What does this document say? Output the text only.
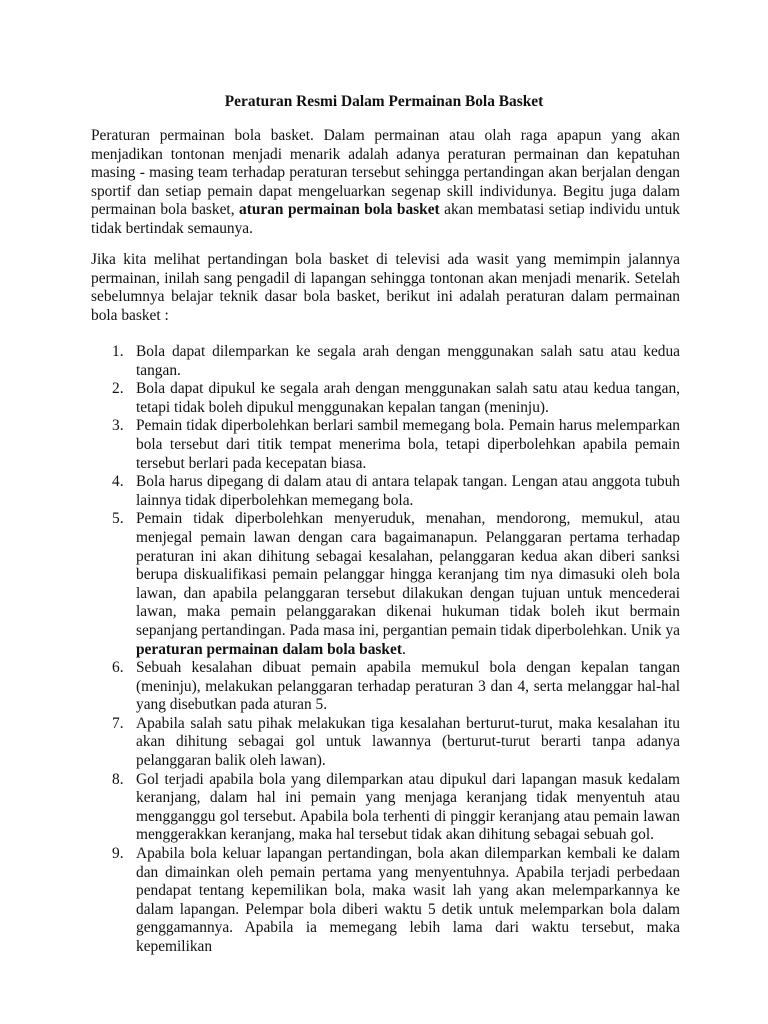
Peraturan Resmi Dalam Permainan Bola Basket

Peraturan permainan bola basket. Dalam permainan atau olah raga apapun yang akan menjadikan tontonan menjadi menarik adalah adanya peraturan permainan dan kepatuhan masing - masing team terhadap peraturan tersebut sehingga pertandingan akan berjalan dengan sportif dan setiap pemain dapat mengeluarkan segenap skill individunya. Begitu juga dalam permainan bola basket, aturan permainan bola basket akan membatasi setiap individu untuk tidak bertindak semaunya.

Jika kita melihat pertandingan bola basket di televisi ada wasit yang memimpin jalannya permainan, inilah sang pengadil di lapangan sehingga tontonan akan menjadi menarik. Setelah sebelumnya belajar teknik dasar bola basket, berikut ini adalah peraturan dalam permainan bola basket :

1. Bola dapat dilemparkan ke segala arah dengan menggunakan salah satu atau kedua tangan.
2. Bola dapat dipukul ke segala arah dengan menggunakan salah satu atau kedua tangan, tetapi tidak boleh dipukul menggunakan kepalan tangan (meninju).
3. Pemain tidak diperbolehkan berlari sambil memegang bola. Pemain harus melemparkan bola tersebut dari titik tempat menerima bola, tetapi diperbolehkan apabila pemain tersebut berlari pada kecepatan biasa.
4. Bola harus dipegang di dalam atau di antara telapak tangan. Lengan atau anggota tubuh lainnya tidak diperbolehkan memegang bola.
5. Pemain tidak diperbolehkan menyeruduk, menahan, mendorong, memukul, atau menjegal pemain lawan dengan cara bagaimanapun. Pelanggaran pertama terhadap peraturan ini akan dihitung sebagai kesalahan, pelanggaran kedua akan diberi sanksi berupa diskualifikasi pemain pelanggar hingga keranjang tim nya dimasuki oleh bola lawan, dan apabila pelanggaran tersebut dilakukan dengan tujuan untuk mencederai lawan, maka pemain pelanggarakan dikenai hukuman tidak boleh ikut bermain sepanjang pertandingan. Pada masa ini, pergantian pemain tidak diperbolehkan. Unik ya peraturan permainan dalam bola basket.
6. Sebuah kesalahan dibuat pemain apabila memukul bola dengan kepalan tangan (meninju), melakukan pelanggaran terhadap peraturan 3 dan 4, serta melanggar hal-hal yang disebutkan pada aturan 5.
7. Apabila salah satu pihak melakukan tiga kesalahan berturut-turut, maka kesalahan itu akan dihitung sebagai gol untuk lawannya (berturut-turut berarti tanpa adanya pelanggaran balik oleh lawan).
8. Gol terjadi apabila bola yang dilemparkan atau dipukul dari lapangan masuk kedalam keranjang, dalam hal ini pemain yang menjaga keranjang tidak menyentuh atau mengganggu gol tersebut. Apabila bola terhenti di pinggir keranjang atau pemain lawan menggerakkan keranjang, maka hal tersebut tidak akan dihitung sebagai sebuah gol.
9. Apabila bola keluar lapangan pertandingan, bola akan dilemparkan kembali ke dalam dan dimainkan oleh pemain pertama yang menyentuhnya. Apabila terjadi perbedaan pendapat tentang kepemilikan bola, maka wasit lah yang akan melemparkannya ke dalam lapangan. Pelempar bola diberi waktu 5 detik untuk melemparkan bola dalam genggamannya. Apabila ia memegang lebih lama dari waktu tersebut, maka kepemilikan
